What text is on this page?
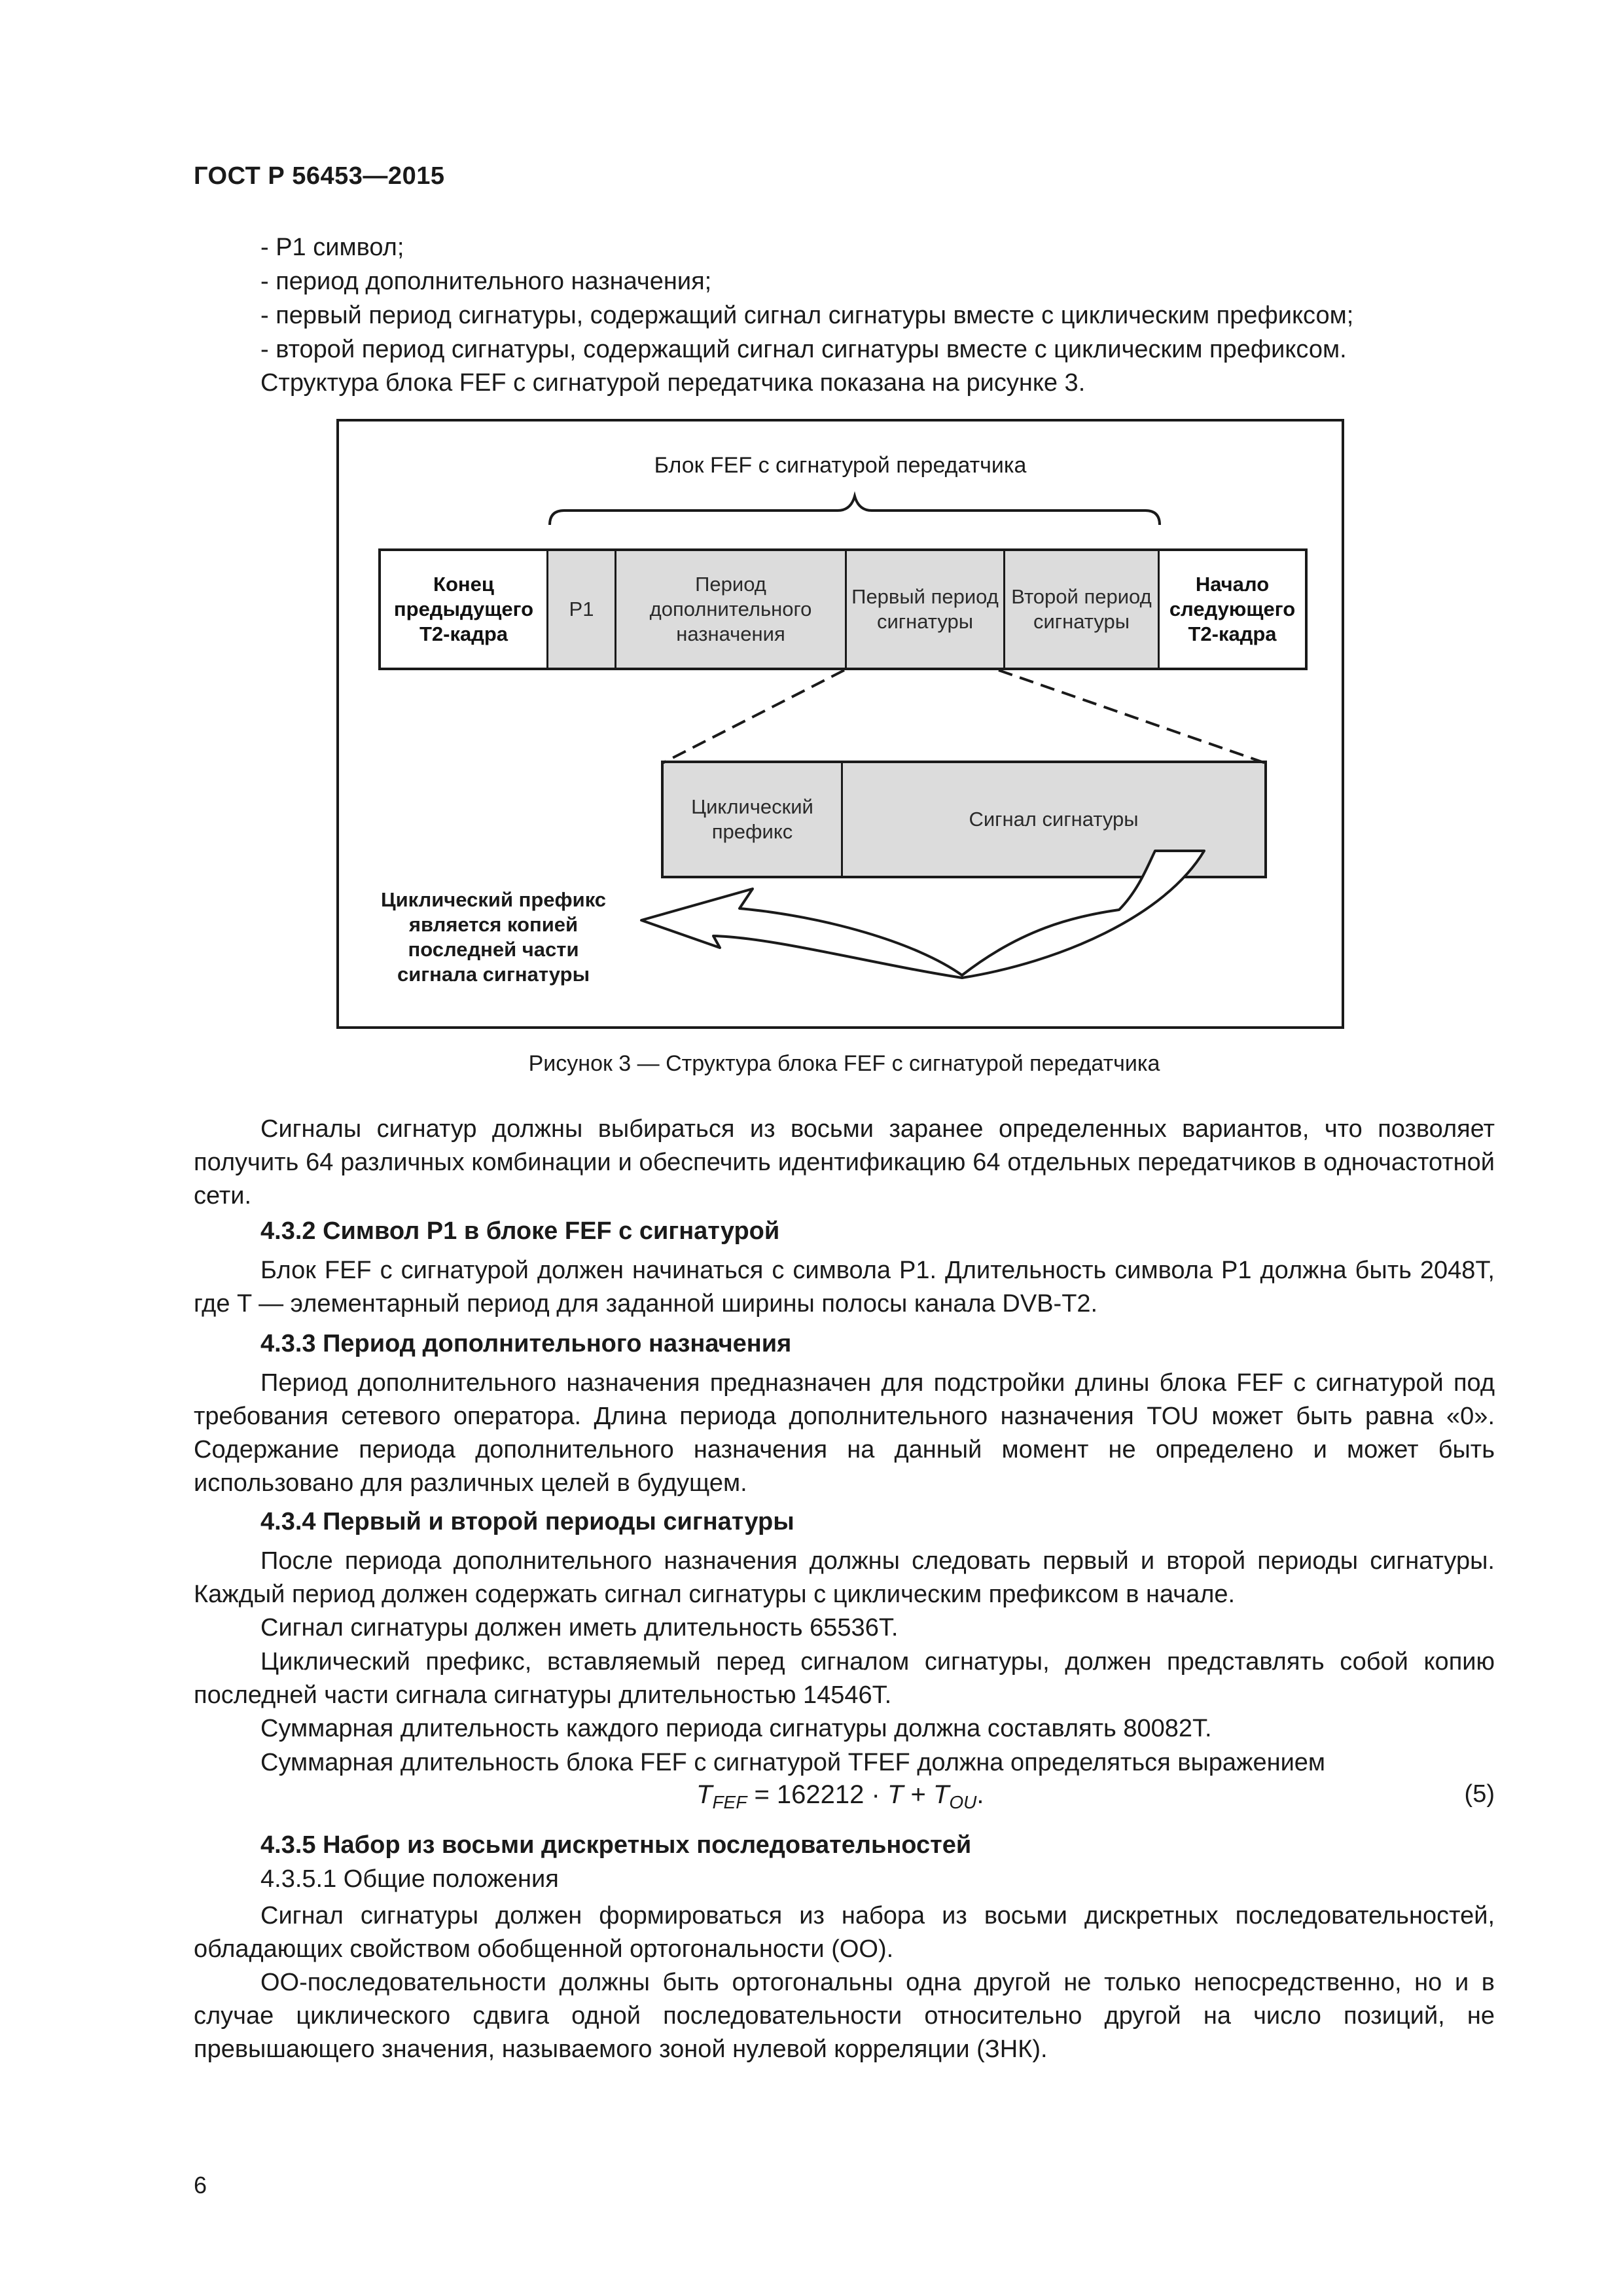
ГОСТ Р 56453—2015
- P1 символ;
- период дополнительного назначения;
- первый период сигнатуры, содержащий сигнал сигнатуры вместе с циклическим префиксом;
- второй период сигнатуры, содержащий сигнал сигнатуры вместе с циклическим префиксом.

Структура блока FEF с сигнатурой передатчика показана на рисунке 3.

Блок FEF с сигнатурой передатчика
Конец предыдущего Т2-кадра
P1
Период дополнительного назначения
Первый период сигнатуры
Второй период сигнатуры
Начало следующего Т2-кадра
Циклический префикс
Сигнал сигнатуры
Циклический префикс является копией последней части сигнала сигнатуры
Рисунок 3 — Структура блока FEF с сигнатурой передатчика

Сигналы сигнатур должны выбираться из восьми заранее определенных вариантов, что позволяет получить 64 различных комбинации и обеспечить идентификацию 64 отдельных передатчиков в одночастотной сети.

4.3.2 Символ P1 в блоке FEF с сигнатурой

Блок FEF с сигнатурой должен начинаться с символа P1. Длительность символа P1 должна быть 2048T, где T — элементарный период для заданной ширины полосы канала DVB-T2.

4.3.3 Период дополнительного назначения

Период дополнительного назначения предназначен для подстройки длины блока FEF с сигнатурой под требования сетевого оператора. Длина периода дополнительного назначения TOU может быть равна «0». Содержание периода дополнительного назначения на данный момент не определено и может быть использовано для различных целей в будущем.

4.3.4 Первый и второй периоды сигнатуры

После периода дополнительного назначения должны следовать первый и второй периоды сигнатуры. Каждый период должен содержать сигнал сигнатуры с циклическим префиксом в начале.

Сигнал сигнатуры должен иметь длительность 65536T.

Циклический префикс, вставляемый перед сигналом сигнатуры, должен представлять собой копию последней части сигнала сигнатуры длительностью 14546T.

Суммарная длительность каждого периода сигнатуры должна составлять 80082T.

Суммарная длительность блока FEF с сигнатурой TFEF должна определяться выражением

$T_{FEF} = 162212 \cdot T + T_{OU}$.	(5)
4.3.5 Набор из восьми дискретных последовательностей
4.3.5.1 Общие положения

Сигнал сигнатуры должен формироваться из набора из восьми дискретных последовательностей, обладающих свойством обобщенной ортогональности (ОО).

ОО-последовательности должны быть ортогональны одна другой не только непосредственно, но и в случае циклического сдвига одной последовательности относительно другой на число позиций, не превышающего значения, называемого зоной нулевой корреляции (ЗНК).

6
